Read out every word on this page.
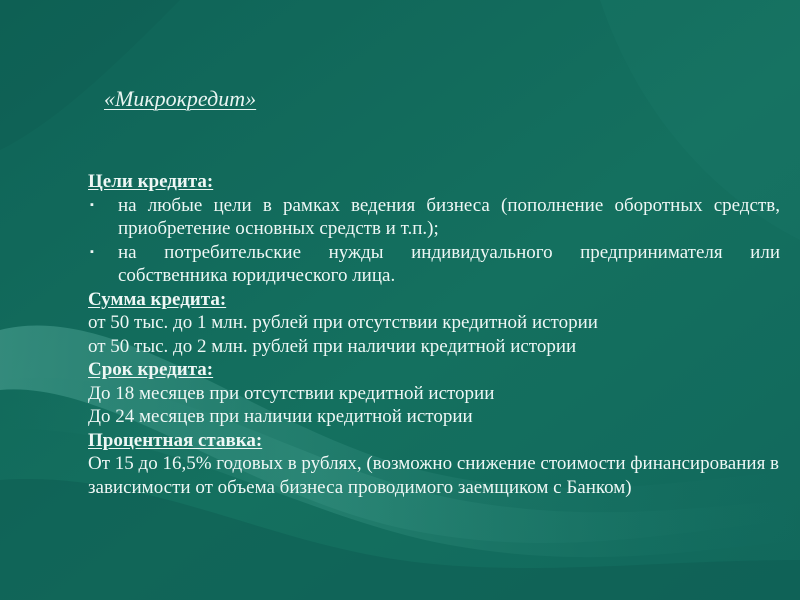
«Микрокредит»
Цели кредита:
▪ на любые цели в рамках ведения бизнеса (пополнение оборотных средств, приобретение основных средств и т.п.);
▪ на потребительские нужды индивидуального предпринимателя или собственника юридического лица.
Сумма кредита:
от 50 тыс. до 1 млн. рублей при отсутствии кредитной истории
от 50 тыс. до 2 млн. рублей при наличии кредитной истории
Срок кредита:
До 18 месяцев при отсутствии кредитной истории
До 24 месяцев при наличии кредитной истории
Процентная ставка:
От 15 до 16,5% годовых в рублях, (возможно снижение стоимости финансирования в зависимости от объема бизнеса проводимого заемщиком с Банком)
